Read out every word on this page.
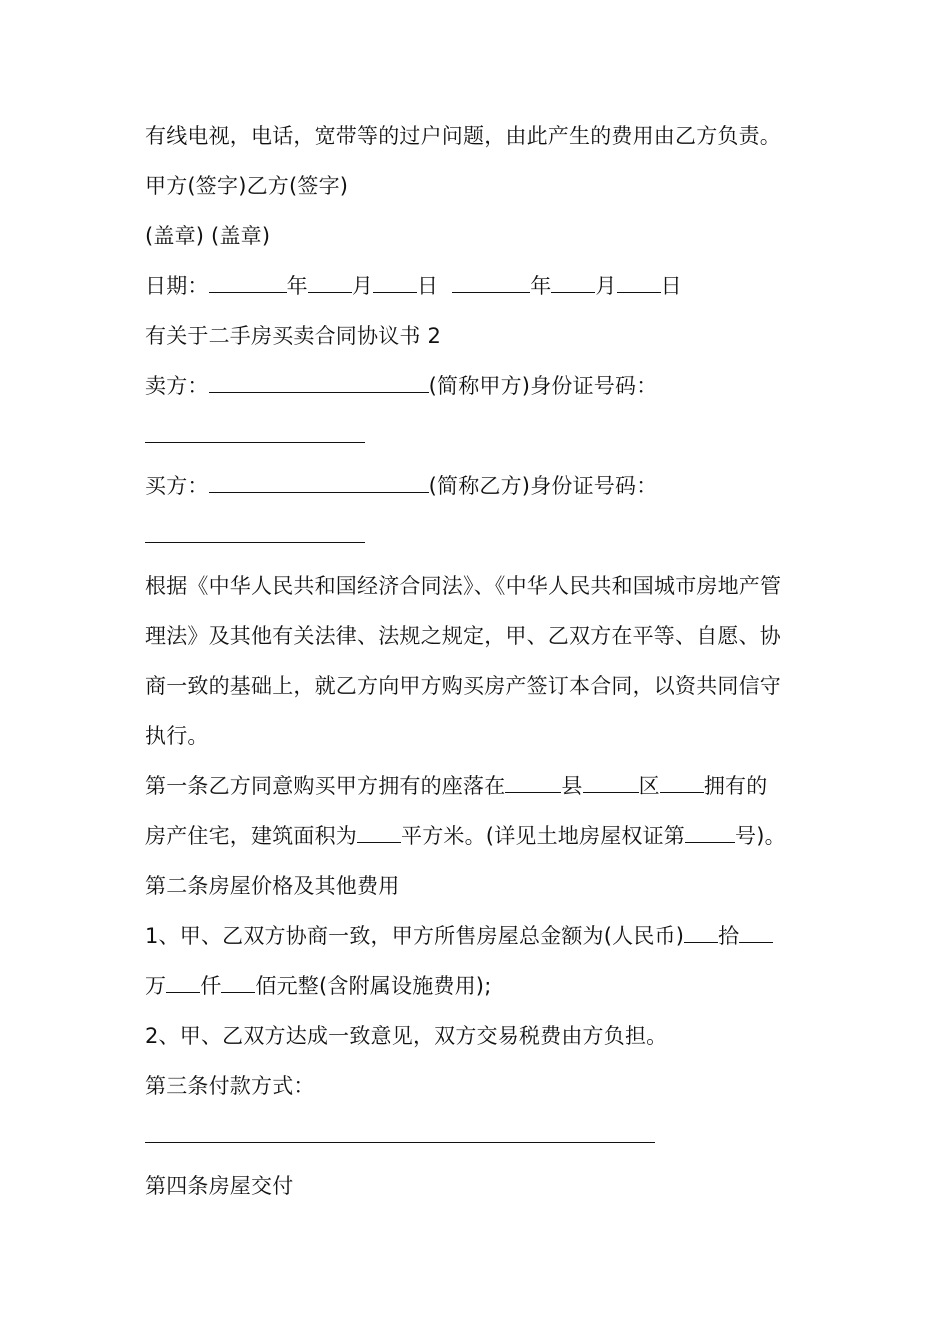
有线电视，电话，宽带等的过户问题，由此产生的费用由乙方负责。
甲方(签字)乙方(签字)
(盖章) (盖章)
日期：	年 月 日	年 月 日
有关于二手房买卖合同协议书 2
卖方：	(简称甲方)身份证号码：
买方：	(简称乙方)身份证号码：
根据《中华人民共和国经济合同法》、《中华人民共和国城市房地产管
理法》及其他有关法律、法规之规定，甲、乙双方在平等、自愿、协
商一致的基础上，就乙方向甲方购买房产签订本合同，以资共同信守
执行。
第一条乙方同意购买甲方拥有的座落在	县	区 拥有的
房产住宅，建筑面积为 平方米。(详见土地房屋权证第 号)。
第二条房屋价格及其他费用
1、甲、乙双方协商一致，甲方所售房屋总金额为(人民币) 拾
万 仟 佰元整(含附属设施费用);
2、甲、乙双方达成一致意见，双方交易税费由方负担。
第三条付款方式：
第四条房屋交付
